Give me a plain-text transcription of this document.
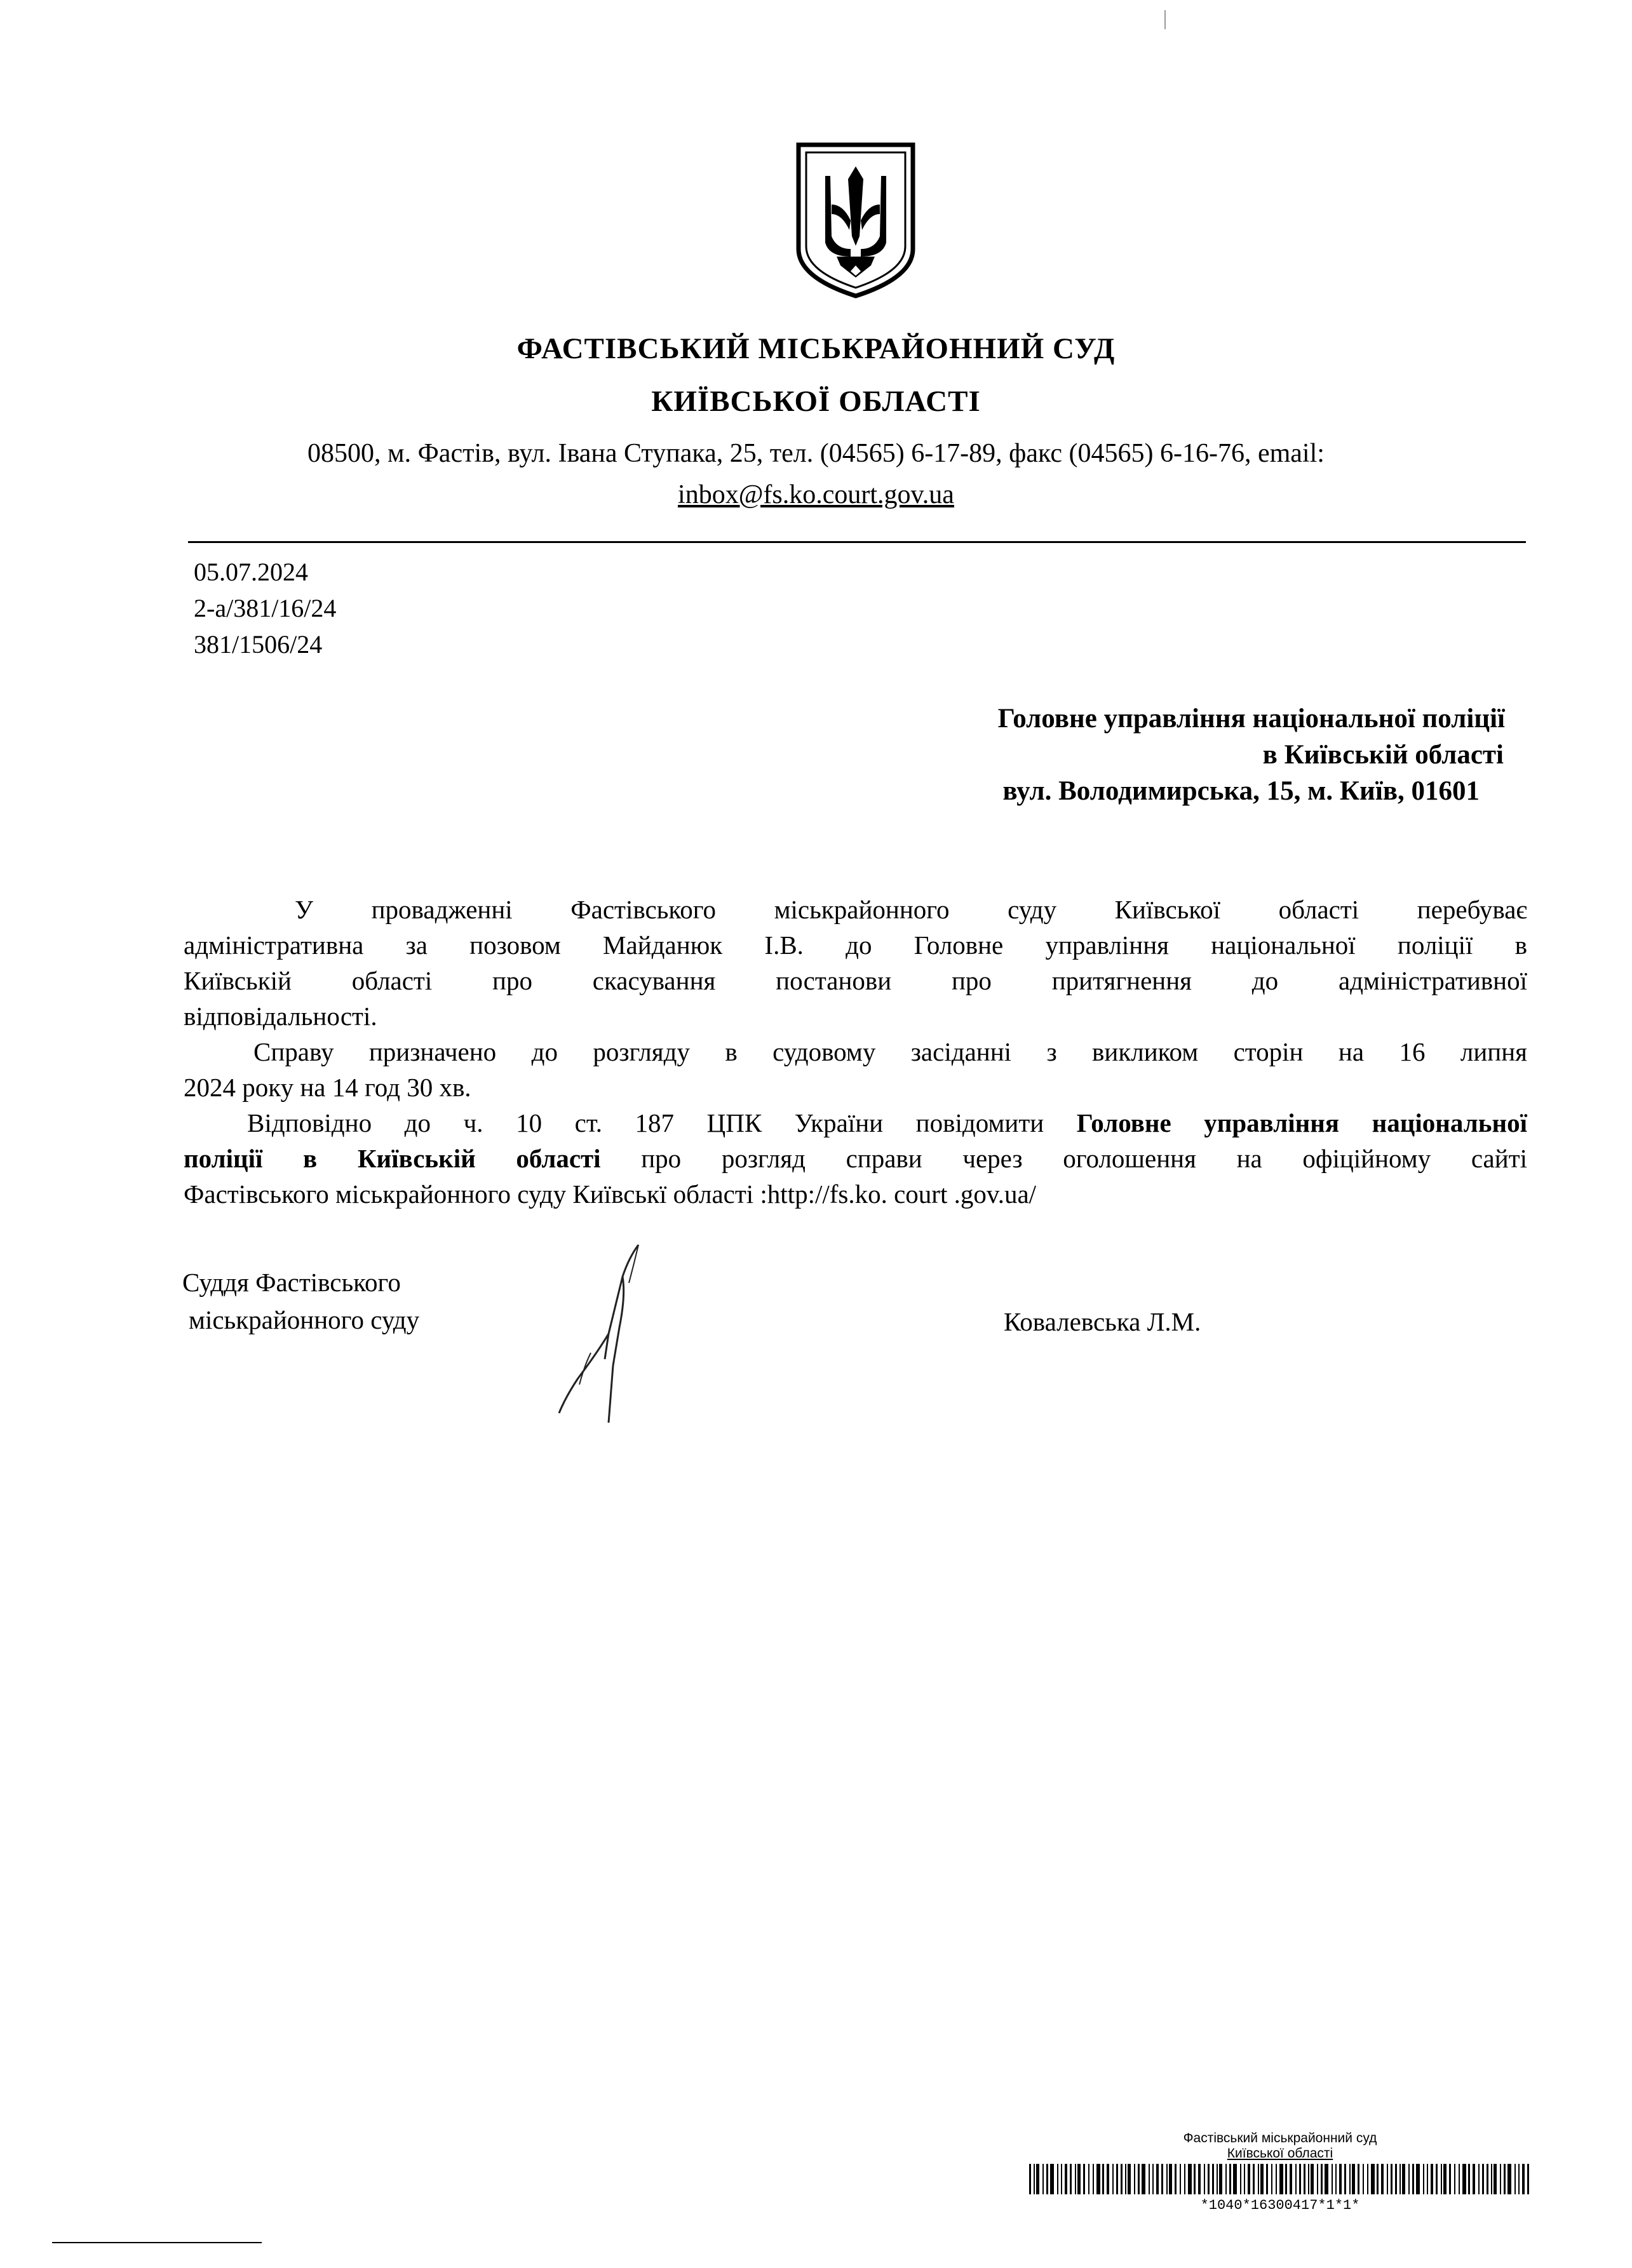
ФАСТІВСЬКИЙ МІСЬКРАЙОННИЙ СУД
КИЇВСЬКОЇ ОБЛАСТІ
08500, м. Фастів, вул. Івана Ступака, 25, тел. (04565) 6-17-89, факс (04565) 6-16-76, email:
inbox@fs.ko.court.gov.ua
05.07.2024
2-а/381/16/24
381/1506/24
Головне управління національної поліції
в Київській області
вул. Володимирська, 15, м. Київ, 01601
У провадженні Фастівського міськрайонного суду Київської області перебуває
адміністративна за позовом Майданюк І.В. до Головне управління національної поліції в
Київській області про скасування постанови про притягнення до адміністративної
відповідальності.
Справу призначено до розгляду в судовому засіданні з викликом сторін на 16 липня
2024 року на 14 год 30 хв.
Відповідно до ч. 10 ст. 187 ЦПК України повідомити Головне управління національної
поліції в Київській області про розгляд справи через оголошення на офіційному сайті
Фастівського міськрайонного суду Київськї області :http://fs.ko. court .gov.ua/
Суддя Фастівського
міськрайонного суду	Ковалевська Л.М.
Фастівський міськрайонний суд
Київської області
*1040*16300417*1*1*
